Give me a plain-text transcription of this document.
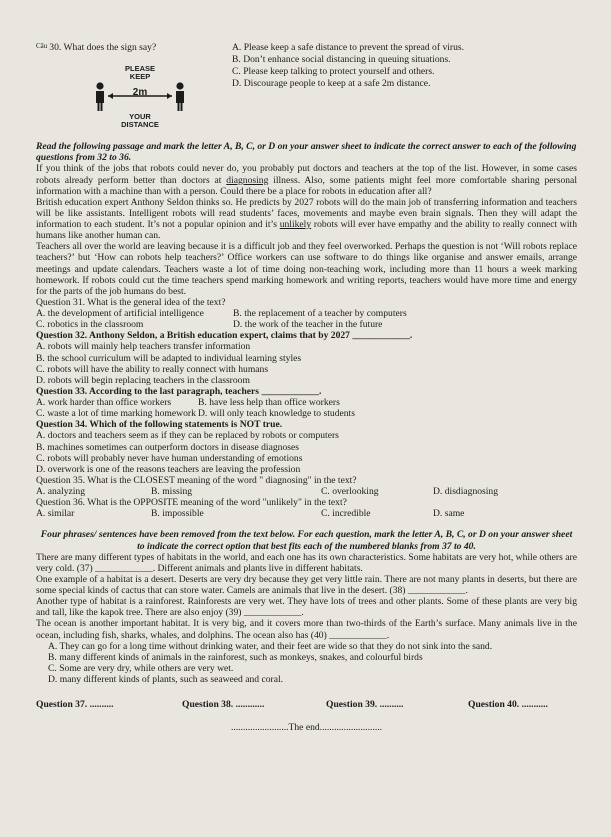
Câu 30. What does the sign say?
PLEASE
KEEP
2m
YOUR
DISTANCE
A. Please keep a safe distance to prevent the spread of virus.
B. Don’t enhance social distancing in queuing situations.
C. Please keep talking to protect yourself and others.
D. Discourage people to keep at a safe 2m distance.
Read the following passage and mark the letter A, B, C, or D on your answer sheet to indicate the correct answer to each of the following questions from 32 to 36.

If you think of the jobs that robots could never do, you probably put doctors and teachers at the top of the list. However, in some cases robots already perform better than doctors at diagnosing illness. Also, some patients might feel more comfortable sharing personal information with a machine than with a person. Could there be a place for robots in education after all?

British education expert Anthony Seldon thinks so. He predicts by 2027 robots will do the main job of transferring information and teachers will be like assistants. Intelligent robots will read students’ faces, movements and maybe even brain signals. Then they will adapt the information to each student. It’s not a popular opinion and it’s unlikely robots will ever have empathy and the ability to really connect with humans like another human can.

Teachers all over the world are leaving because it is a difficult job and they feel overworked. Perhaps the question is not ‘Will robots replace teachers?’ but ‘How can robots help teachers?’ Office workers can use software to do things like organise and answer emails, arrange meetings and update calendars. Teachers waste a lot of time doing non-teaching work, including more than 11 hours a week marking homework. If robots could cut the time teachers spend marking homework and writing reports, teachers would have more time and energy for the parts of the job humans do best.

Question 31. What is the general idea of the text?
A. the development of artificial intelligence	B. the replacement of a teacher by computers
C. robotics in the classroom	D. the work of the teacher in the future
Question 32. Anthony Seldon, a British education expert, claims that by 2027 ____________.
A. robots will mainly help teachers transfer information
B. the school curriculum will be adapted to individual learning styles
C. robots will have the ability to really connect with humans
D. robots will begin replacing teachers in the classroom
Question 33. According to the last paragraph, teachers ____________.
A. work harder than office workers	B. have less help than office workers
C. waste a lot of time marking homework D. will only teach knowledge to students
Question 34. Which of the following statements is NOT true.
A. doctors and teachers seem as if they can be replaced by robots or computers
B. machines sometimes can outperform doctors in disease diagnoses
C. robots will probably never have human understanding of emotions
D. overwork is one of the reasons teachers are leaving the profession
Question 35. What is the CLOSEST meaning of the word " diagnosing" in the text?
A. analyzing	B. missing	C. overlooking	D. disdiagnosing
Question 36. What is the OPPOSITE meaning of the word "unlikely" in the text?
A. similar	B. impossible	C. incredible	D. same
Four phrases/ sentences have been removed from the text below. For each question, mark the letter A, B, C, or D on your answer sheet to indicate the correct option that best fits each of the numbered blanks from 37 to 40.

There are many different types of habitats in the world, and each one has its own characteristics. Some habitats are very hot, while others are very cold. (37) ____________. Different animals and plants live in different habitats.

One example of a habitat is a desert. Deserts are very dry because they get very little rain. There are not many plants in deserts, but there are some special kinds of cactus that can store water. Camels are animals that live in the desert. (38) ____________.

Another type of habitat is a rainforest. Rainforests are very wet. They have lots of trees and other plants. Some of these plants are very big and tall, like the kapok tree. There are also enjoy (39) ____________.

The ocean is another important habitat. It is very big, and it covers more than two-thirds of the Earth’s surface. Many animals live in the ocean, including fish, sharks, whales, and dolphins. The ocean also has (40) ____________.

A. They can go for a long time without drinking water, and their feet are wide so that they do not sink into the sand.
B. many different kinds of animals in the rainforest, such as monkeys, snakes, and colourful birds
C. Some are very dry, while others are very wet.
D. many different kinds of plants, such as seaweed and coral.
Question 37. ..........	Question 38. ............	Question 39. ..........	Question 40. ...........
........................The end..........................
